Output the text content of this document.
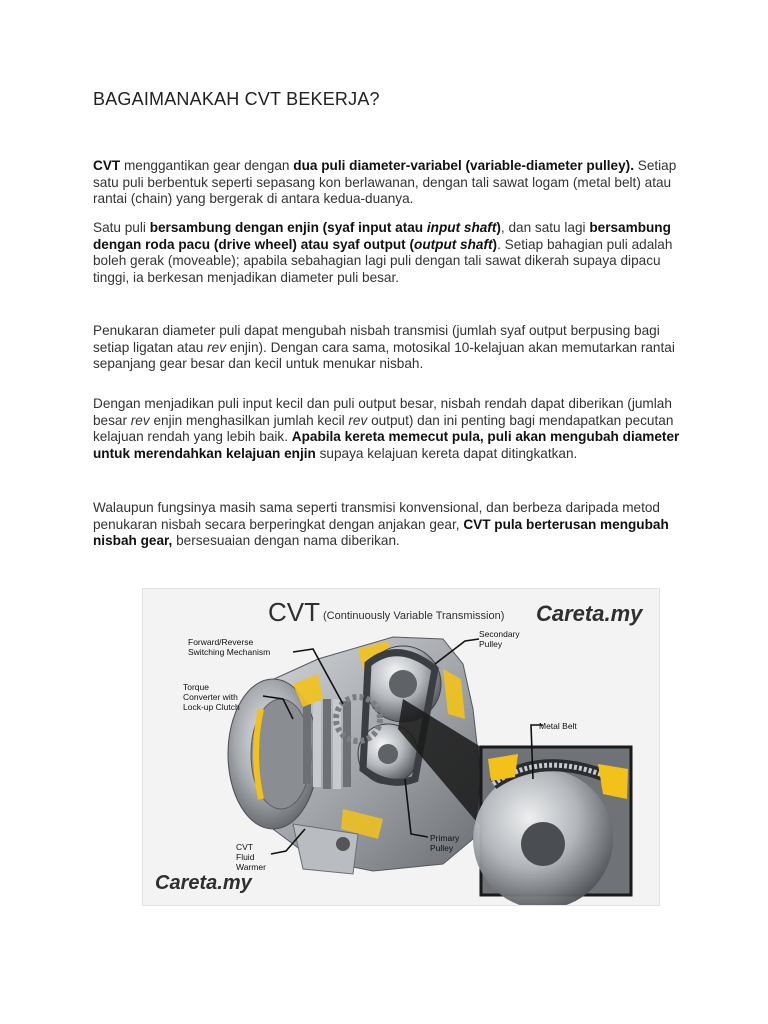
BAGAIMANAKAH CVT BEKERJA?

CVT menggantikan gear dengan dua puli diameter-variabel (variable-diameter pulley). Setiap satu puli berbentuk seperti sepasang kon berlawanan, dengan tali sawat logam (metal belt) atau rantai (chain) yang bergerak di antara kedua-duanya.

Satu puli bersambung dengan enjin (syaf input atau input shaft), dan satu lagi bersambung dengan roda pacu (drive wheel) atau syaf output (output shaft). Setiap bahagian puli adalah boleh gerak (moveable); apabila sebahagian lagi puli dengan tali sawat dikerah supaya dipacu tinggi, ia berkesan menjadikan diameter puli besar.

Penukaran diameter puli dapat mengubah nisbah transmisi (jumlah syaf output berpusing bagi setiap ligatan atau rev enjin). Dengan cara sama, motosikal 10-kelajuan akan memutarkan rantai sepanjang gear besar dan kecil untuk menukar nisbah.

Dengan menjadikan puli input kecil dan puli output besar, nisbah rendah dapat diberikan (jumlah besar rev enjin menghasilkan jumlah kecil rev output) dan ini penting bagi mendapatkan pecutan kelajuan rendah yang lebih baik. Apabila kereta memecut pula, puli akan mengubah diameter untuk merendahkan kelajuan enjin supaya kelajuan kereta dapat ditingkatkan.

Walaupun fungsinya masih sama seperti transmisi konvensional, dan berbeza daripada metod penukaran nisbah secara berperingkat dengan anjakan gear, CVT pula berterusan mengubah nisbah gear, bersesuaian dengan nama diberikan.

CVT (Continuously Variable Transmission) Careta.my
Forward/Reverse
Switching Mechanism
Torque
Converter with
Lock-up Clutch
Secondary
Pulley
Metal Belt
Primary
Pulley
CVT
Fluid
Warmer
Careta.my
